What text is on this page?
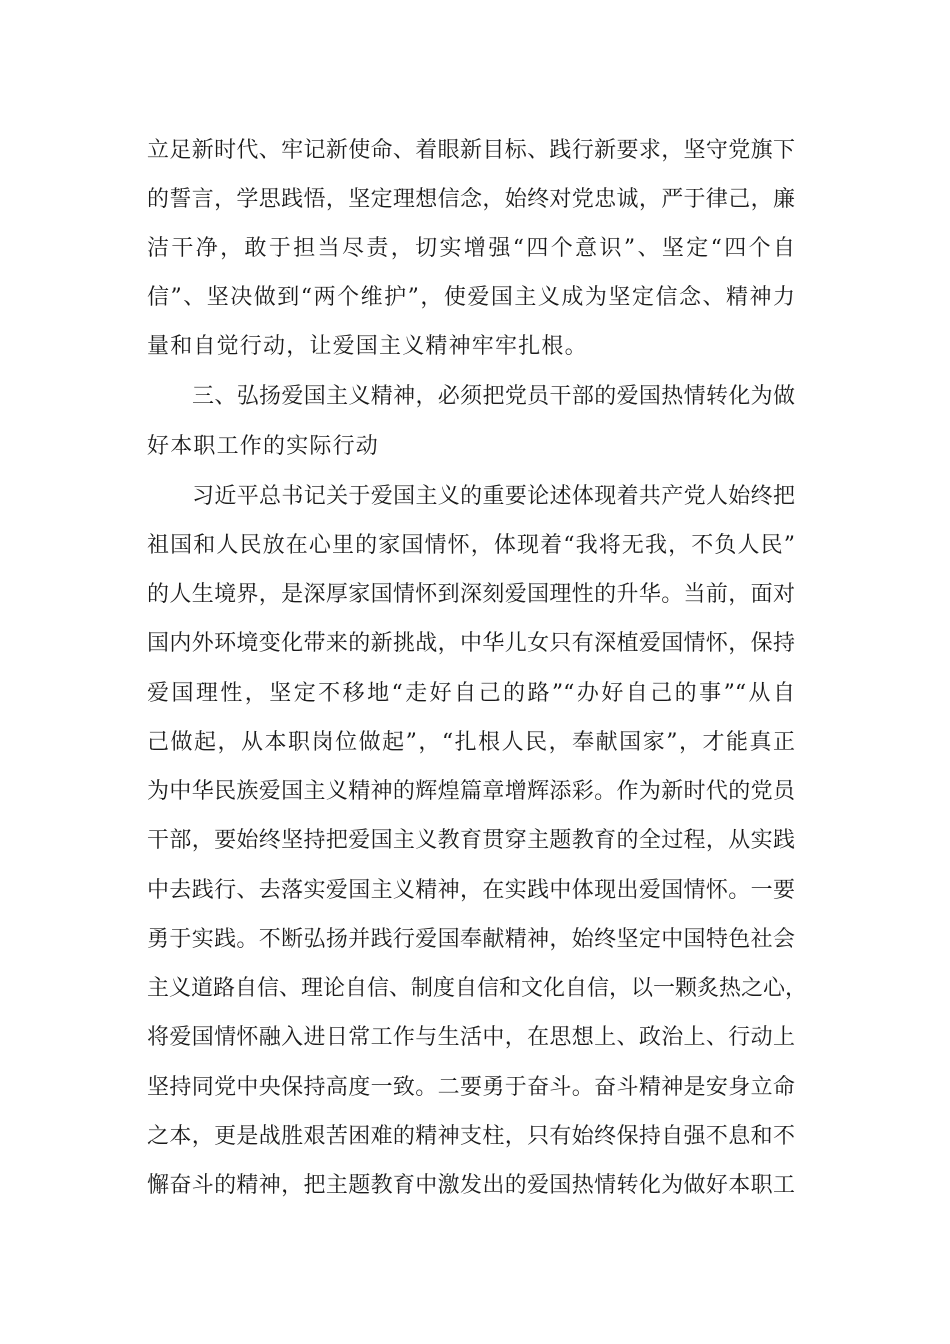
立足新时代、牢记新使命、着眼新目标、践行新要求，坚守党旗下
的誓言，学思践悟，坚定理想信念，始终对党忠诚，严于律己，廉
洁干净，敢于担当尽责，切实增强“四个意识”、坚定“四个自
信”、坚决做到“两个维护”，使爱国主义成为坚定信念、精神力
量和自觉行动，让爱国主义精神牢牢扎根。
三、弘扬爱国主义精神，必须把党员干部的爱国热情转化为做
好本职工作的实际行动
习近平总书记关于爱国主义的重要论述体现着共产党人始终把
祖国和人民放在心里的家国情怀，体现着“我将无我，不负人民”
的人生境界，是深厚家国情怀到深刻爱国理性的升华。当前，面对
国内外环境变化带来的新挑战，中华儿女只有深植爱国情怀，保持
爱国理性，坚定不移地“走好自己的路”“办好自己的事”“从自
己做起，从本职岗位做起”，“扎根人民，奉献国家”，才能真正
为中华民族爱国主义精神的辉煌篇章增辉添彩。作为新时代的党员
干部，要始终坚持把爱国主义教育贯穿主题教育的全过程，从实践
中去践行、去落实爱国主义精神，在实践中体现出爱国情怀。一要
勇于实践。不断弘扬并践行爱国奉献精神，始终坚定中国特色社会
主义道路自信、理论自信、制度自信和文化自信，以一颗炙热之心，
将爱国情怀融入进日常工作与生活中，在思想上、政治上、行动上
坚持同党中央保持高度一致。二要勇于奋斗。奋斗精神是安身立命
之本，更是战胜艰苦困难的精神支柱，只有始终保持自强不息和不
懈奋斗的精神，把主题教育中激发出的爱国热情转化为做好本职工
